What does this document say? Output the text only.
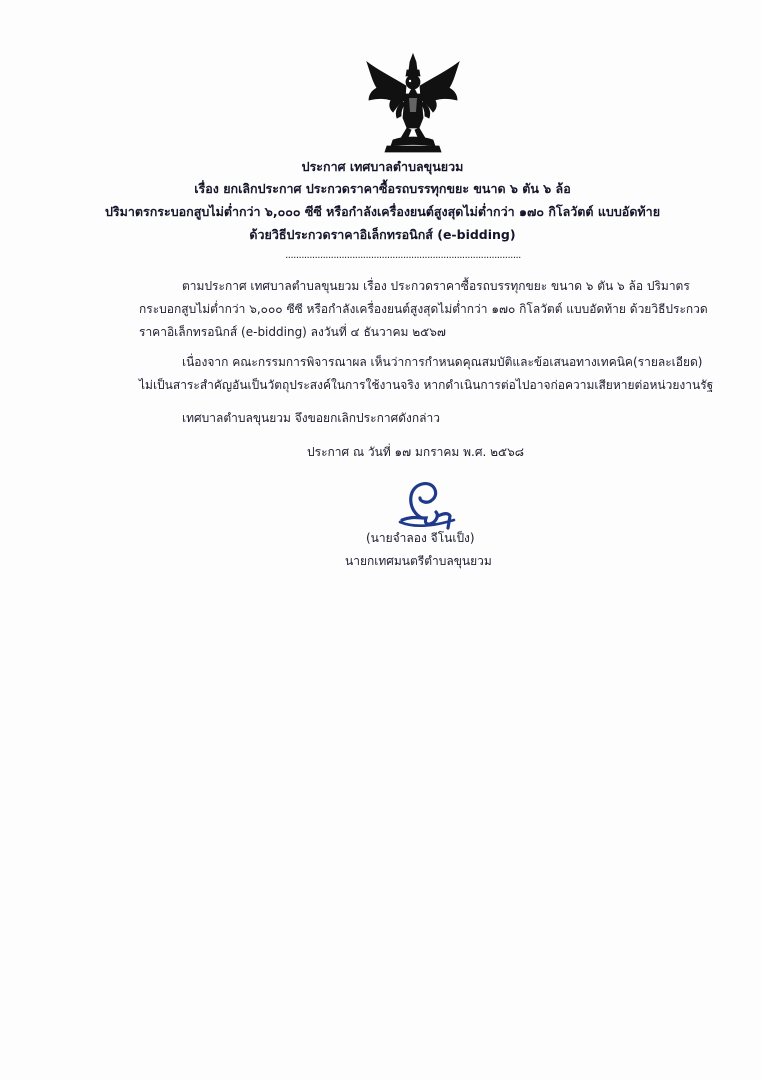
ประกาศ เทศบาลตำบลขุนยวม
เรื่อง ยกเลิกประกาศ ประกวดราคาซื้อรถบรรทุกขยะ ขนาด ๖ ตัน ๖ ล้อ
ปริมาตรกระบอกสูบไม่ต่ำกว่า ๖,๐๐๐ ซีซี หรือกำลังเครื่องยนต์สูงสุดไม่ต่ำกว่า ๑๗๐ กิโลวัตต์ แบบอัดท้าย
ด้วยวิธีประกวดราคาอิเล็กทรอนิกส์ (e-bidding)
........................................................................................
ตามประกาศ เทศบาลตำบลขุนยวม เรื่อง ประกวดราคาซื้อรถบรรทุกขยะ ขนาด ๖ ตัน ๖ ล้อ ปริมาตร
กระบอกสูบไม่ต่ำกว่า ๖,๐๐๐ ซีซี หรือกำลังเครื่องยนต์สูงสุดไม่ต่ำกว่า ๑๗๐ กิโลวัตต์ แบบอัดท้าย ด้วยวิธีประกวด
ราคาอิเล็กทรอนิกส์ (e-bidding) ลงวันที่ ๔ ธันวาคม ๒๕๖๗
เนื่องจาก คณะกรรมการพิจารณาผล เห็นว่าการกำหนดคุณสมบัติและข้อเสนอทางเทคนิค(รายละเอียด)
ไม่เป็นสาระสำคัญอันเป็นวัตถุประสงค์ในการใช้งานจริง หากดำเนินการต่อไปอาจก่อความเสียหายต่อหน่วยงานรัฐ
เทศบาลตำบลขุนยวม จึงขอยกเลิกประกาศดังกล่าว
ประกาศ ณ วันที่ ๑๗ มกราคม พ.ศ. ๒๕๖๘
(นายจำลอง จีโนเป็ง)
นายกเทศมนตรีตำบลขุนยวม
